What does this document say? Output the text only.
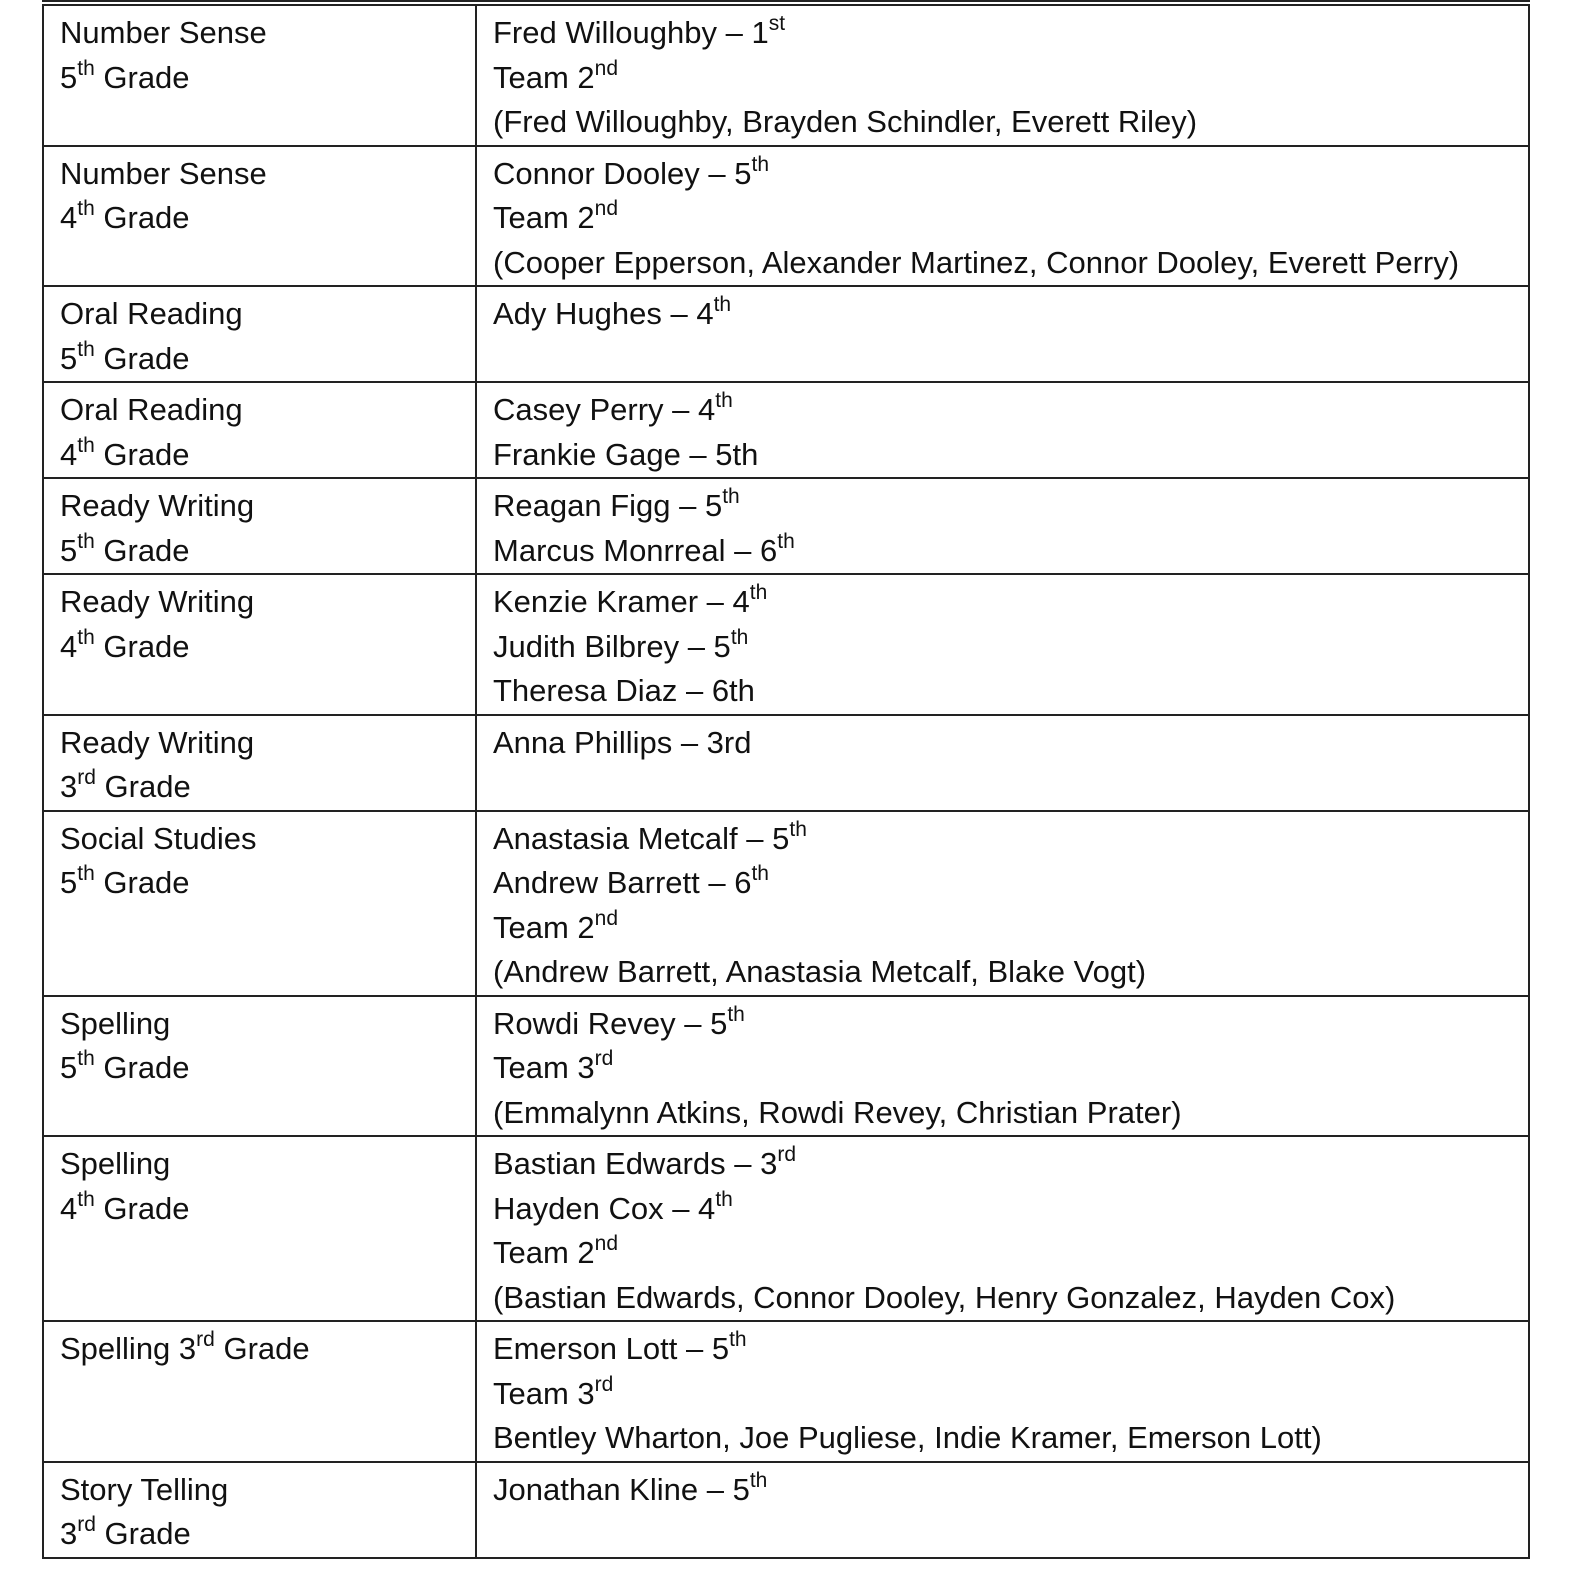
Number Sense
5th Grade	Fred Willoughby – 1st
Team 2nd
(Fred Willoughby, Brayden Schindler, Everett Riley)

Number Sense
4th Grade	Connor Dooley – 5th
Team 2nd
(Cooper Epperson, Alexander Martinez, Connor Dooley, Everett Perry)

Oral Reading
5th Grade	Ady Hughes – 4th

Oral Reading
4th Grade	Casey Perry – 4th
Frankie Gage – 5th

Ready Writing
5th Grade	Reagan Figg – 5th
Marcus Monrreal – 6th

Ready Writing
4th Grade	Kenzie Kramer – 4th
Judith Bilbrey – 5th
Theresa Diaz – 6th

Ready Writing
3rd Grade	Anna Phillips – 3rd

Social Studies
5th Grade	Anastasia Metcalf – 5th
Andrew Barrett – 6th
Team 2nd
(Andrew Barrett, Anastasia Metcalf, Blake Vogt)

Spelling
5th Grade	Rowdi Revey – 5th
Team 3rd
(Emmalynn Atkins, Rowdi Revey, Christian Prater)

Spelling
4th Grade	Bastian Edwards – 3rd
Hayden Cox – 4th
Team 2nd
(Bastian Edwards, Connor Dooley, Henry Gonzalez, Hayden Cox)

Spelling 3rd Grade	Emerson Lott – 5th
Team 3rd
Bentley Wharton, Joe Pugliese, Indie Kramer, Emerson Lott)

Story Telling
3rd Grade	Jonathan Kline – 5th
